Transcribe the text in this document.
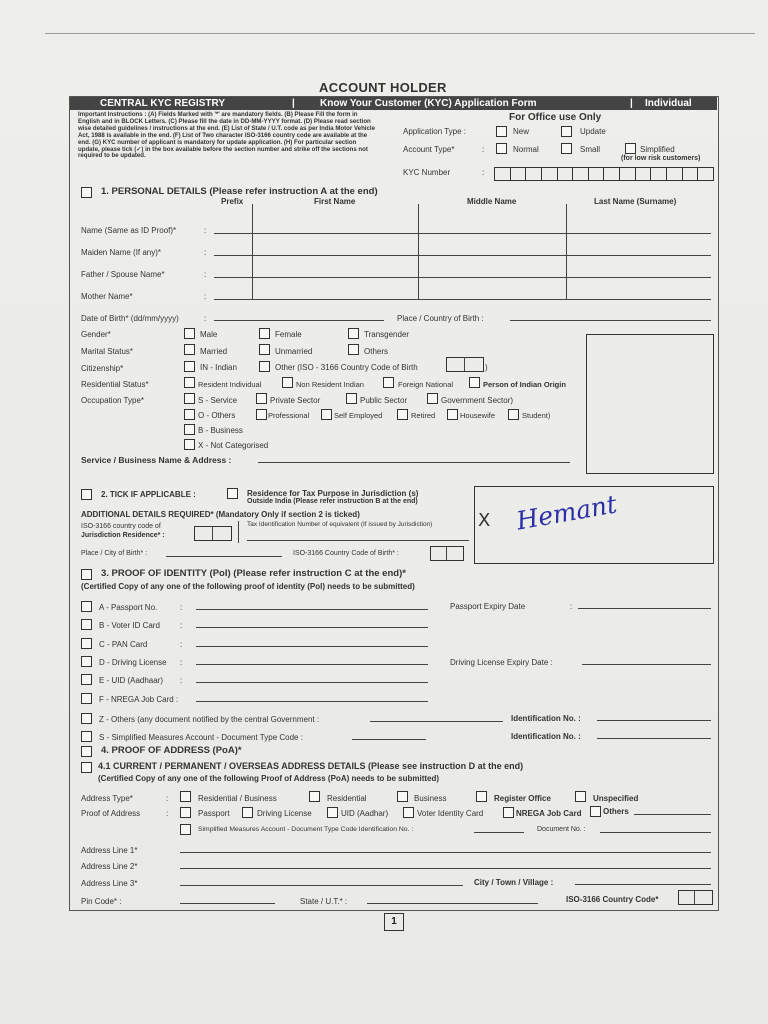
ACCOUNT HOLDER
CENTRAL KYC REGISTRY	|	Know Your Customer (KYC) Application Form	| Individual
Important Instructions : (A) Fields Marked with '*' are mandatory fields. (B) Please Fill the form in English and in BLOCK Letters. (C) Please fill the date in DD-MM-YYYY format. (D) Please read section wise detailed guidelines / instructions at the end. (E) List of State / U.T. code as per India Motor Vehicle Act, 1988 is available in the end. (F) List of Two character ISO-3166 country code are available at the end. (G) KYC number of applicant is mandatory for update application. (H) For particular section update, please tick (✓) in the box available before the section number and strike off the sections not required to be updated.
For Office use Only
Application Type :	New	Update
Account Type*	:	Normal	Small	Simplified
(for low risk customers)
KYC Number	:
1. PERSONAL DETAILS (Please refer instruction A at the end)
Prefix	First Name	Middle Name	Last Name (Surname)
Name (Same as ID Proof)*	:
Maiden Name (If any)*	:
Father / Spouse Name*	:
Mother Name*	:
Date of Birth* (dd/mm/yyyy)	:	Place / Country of Birth :
Gender*	Male	Female	Transgender
Marital Status*	Married	Unmarried	Others
Citizenship*	IN - Indian	Other (ISO - 3166 Country Code of Birth	)
Residential Status*	Resident Individual	Non Resident Indian	Foreign National	Person of Indian Origin
Occupation Type*	S - Service	Private Sector	Public Sector	Government Sector)
O - Others	Professional	Self Employed	Retired	Housewife	Student)
B - Business
X - Not Categorised
Service / Business Name & Address :
2. TICK IF APPLICABLE :	Residence for Tax Purpose in Jurisdiction (s)
Outside India (Please refer instruction B at the end)
ADDITIONAL DETAILS REQUIRED* (Mandatory Only if section 2 is ticked)
ISO-3166 country code of
Jurisdiction Residence* :
Tax Identification Number of equivalent (If issued by Jurisdiction)
Place / City of Birth* :	ISO-3166 Country Code of Birth* :
X Hemant
3. PROOF OF IDENTITY (PoI) (Please refer instruction C at the end)*
(Certified Copy of any one of the following proof of identity (PoI) needs to be submitted)
A - Passport No.	:	Passport Expiry Date	:
B - Voter ID Card	:
C - PAN Card	:
D - Driving License :	Driving License Expiry Date :
E - UID (Aadhaar) :
F - NREGA Job Card :
Z - Others (any document notified by the central Government :	Identification No. :
S - Simplified Measures Account - Document Type Code :	Identification No. :
4. PROOF OF ADDRESS (PoA)*
4.1 CURRENT / PERMANENT / OVERSEAS ADDRESS DETAILS (Please see instruction D at the end)
(Certified Copy of any one of the following Proof of Address (PoA) needs to be submitted)
Address Type*	:	Residential / Business	Residential	Business	Register Office	Unspecified
Proof of Address	:	Passport	Driving License	UID (Aadhar)	Voter Identity Card	NREGA Job Card	Others
Simplified Measures Account - Document Type Code Identification No. :	Document No. :
Address Line 1*
Address Line 2*
Address Line 3*	City / Town / Village :
Pin Code* :	State / U.T.* :	ISO-3166 Country Code*
1
